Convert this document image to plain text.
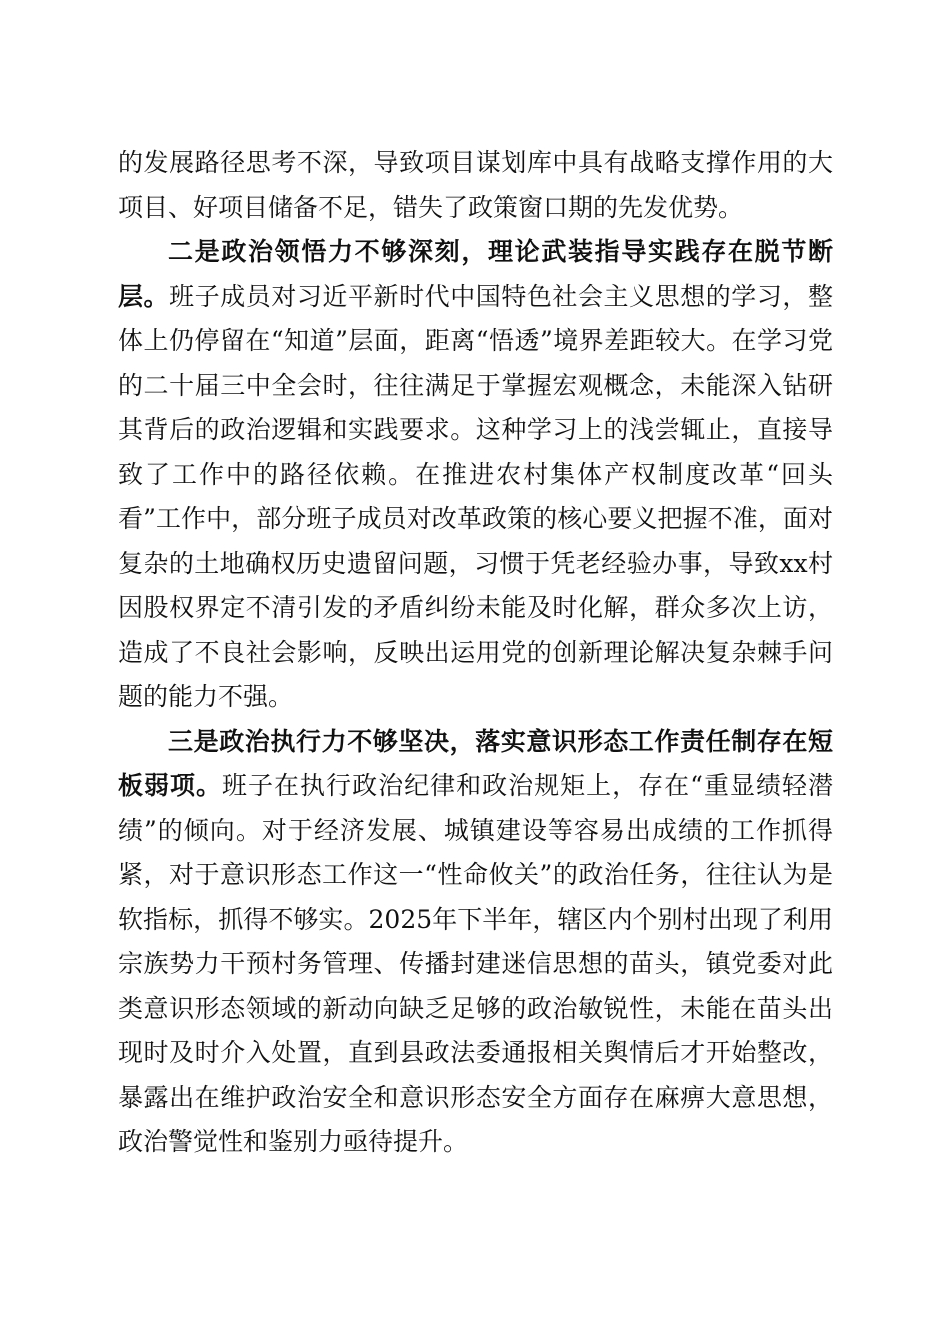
的发展路径思考不深，导致项目谋划库中具有战略支撑作用的大项目、好项目储备不足，错失了政策窗口期的先发优势。

二是政治领悟力不够深刻，理论武装指导实践存在脱节断层。班子成员对习近平新时代中国特色社会主义思想的学习，整体上仍停留在“知道”层面，距离“悟透”境界差距较大。在学习党的二十届三中全会时，往往满足于掌握宏观概念，未能深入钻研其背后的政治逻辑和实践要求。这种学习上的浅尝辄止，直接导致了工作中的路径依赖。在推进农村集体产权制度改革“回头看”工作中，部分班子成员对改革政策的核心要义把握不准，面对复杂的土地确权历史遗留问题，习惯于凭老经验办事，导致xx村因股权界定不清引发的矛盾纠纷未能及时化解，群众多次上访，造成了不良社会影响，反映出运用党的创新理论解决复杂棘手问题的能力不强。

三是政治执行力不够坚决，落实意识形态工作责任制存在短板弱项。班子在执行政治纪律和政治规矩上，存在“重显绩轻潜绩”的倾向。对于经济发展、城镇建设等容易出成绩的工作抓得紧，对于意识形态工作这一“性命攸关”的政治任务，往往认为是软指标，抓得不够实。2025年下半年，辖区内个别村出现了利用宗族势力干预村务管理、传播封建迷信思想的苗头，镇党委对此类意识形态领域的新动向缺乏足够的政治敏锐性，未能在苗头出现时及时介入处置，直到县政法委通报相关舆情后才开始整改，暴露出在维护政治安全和意识形态安全方面存在麻痹大意思想，政治警觉性和鉴别力亟待提升。
